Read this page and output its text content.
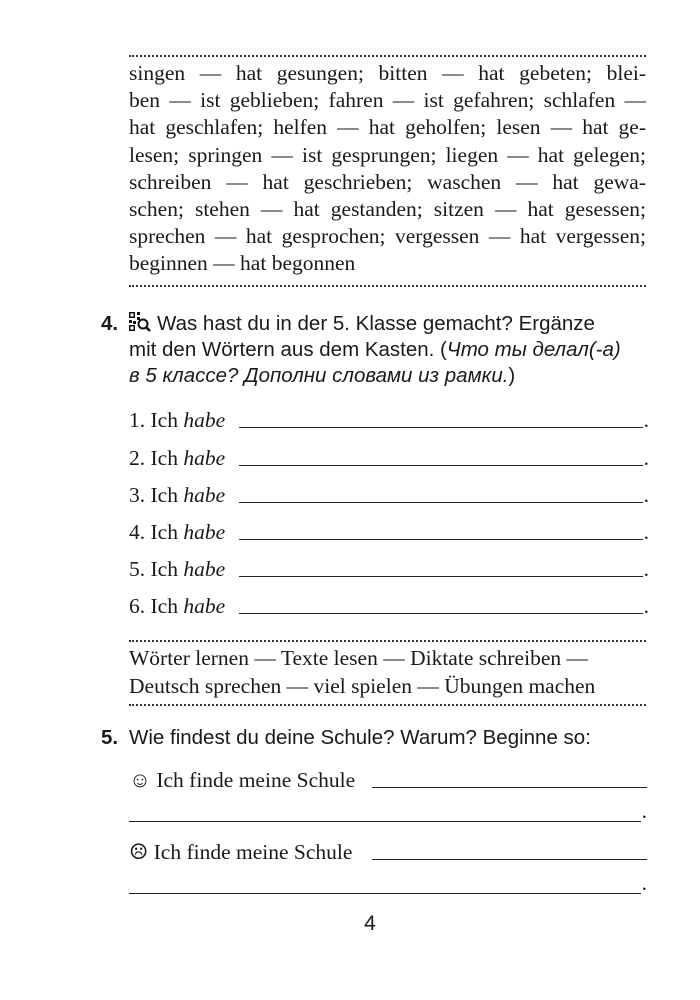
singen — hat gesungen; bitten — hat gebeten; blei-
ben — ist geblieben; fahren — ist gefahren; schlafen —
hat geschlafen; helfen — hat geholfen; lesen — hat ge-
lesen; springen — ist gesprungen; liegen — hat gelegen;
schreiben — hat geschrieben; waschen — hat gewa-
schen; stehen — hat gestanden; sitzen — hat gesessen;
sprechen — hat gesprochen; vergessen — hat vergessen;
beginnen — hat begonnen
4.	Was hast du in der 5. Klasse gemacht? Ergänze
mit den Wörtern aus dem Kasten. (Что ты делал(-а)
в 5 классе? Дополни словами из рамки.)
1. Ich habe	.
2. Ich habe	.
3. Ich habe	.
4. Ich habe	.
5. Ich habe	.
6. Ich habe	.
Wörter lernen — Texte lesen — Diktate schreiben —
Deutsch sprechen — viel spielen — Übungen machen
5. Wie findest du deine Schule? Warum? Beginne so:
☺ Ich finde meine Schule
.
☹ Ich finde meine Schule
.
4
